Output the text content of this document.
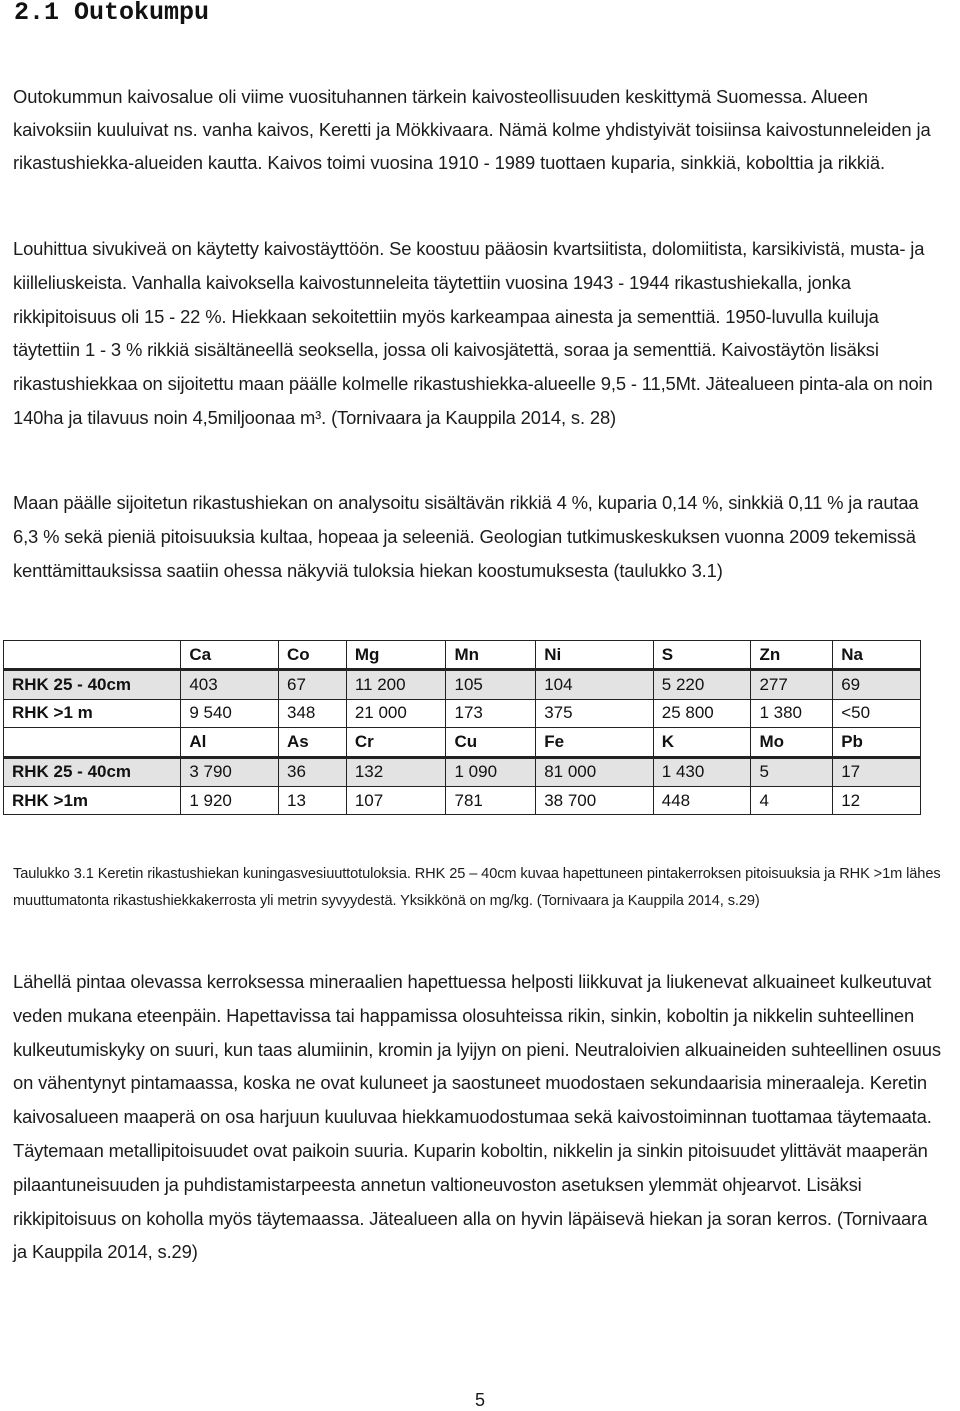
2.1 Outokumpu

Outokummun kaivosalue oli viime vuosituhannen tärkein kaivosteollisuuden keskittymä Suomessa. Alueen kaivoksiin kuuluivat ns. vanha kaivos, Keretti ja Mökkivaara. Nämä kolme yhdistyivät toisiinsa kaivostunneleiden ja rikastushiekka-alueiden kautta. Kaivos toimi vuosina 1910 - 1989 tuottaen kuparia, sinkkiä, kobolttia ja rikkiä.

Louhittua sivukiveä on käytetty kaivostäyttöön. Se koostuu pääosin kvartsiitista, dolomiitista, karsikivistä, musta- ja kiilleliuskeista. Vanhalla kaivoksella kaivostunneleita täytettiin vuosina 1943 - 1944 rikastushiekalla, jonka rikkipitoisuus oli 15 - 22 %. Hiekkaan sekoitettiin myös karkeampaa ainesta ja sementtiä. 1950-luvulla kuiluja täytettiin 1 - 3 % rikkiä sisältäneellä seoksella, jossa oli kaivosjätettä, soraa ja sementtiä. Kaivostäytön lisäksi rikastushiekkaa on sijoitettu maan päälle kolmelle rikastushiekka-alueelle 9,5 - 11,5Mt. Jätealueen pinta-ala on noin 140ha ja tilavuus noin 4,5miljoonaa m³. (Tornivaara ja Kauppila 2014, s. 28)

Maan päälle sijoitetun rikastushiekan on analysoitu sisältävän rikkiä 4 %, kuparia 0,14 %, sinkkiä 0,11 % ja rautaa 6,3 % sekä pieniä pitoisuuksia kultaa, hopeaa ja seleeniä. Geologian tutkimuskeskuksen vuonna 2009 tekemissä kenttämittauksissa saatiin ohessa näkyviä tuloksia hiekan koostumuksesta (taulukko 3.1)

	Ca	Co	Mg	Mn	Ni	S	Zn	Na
RHK 25 - 40cm	403	67	11 200	105	104	5 220	277	69
RHK >1 m	9 540	348	21 000	173	375	25 800	1 380	<50
	Al	As	Cr	Cu	Fe	K	Mo	Pb
RHK 25 - 40cm	3 790	36	132	1 090	81 000	1 430	5	17
RHK >1m	1 920	13	107	781	38 700	448	4	12

Taulukko 3.1 Keretin rikastushiekan kuningasvesiuuttotuloksia. RHK 25 – 40cm kuvaa hapettuneen pintakerroksen pitoisuuksia ja RHK >1m lähes muuttumatonta rikastushiekkakerrosta yli metrin syvyydestä. Yksikkönä on mg/kg. (Tornivaara ja Kauppila 2014, s.29)

Lähellä pintaa olevassa kerroksessa mineraalien hapettuessa helposti liikkuvat ja liukenevat alkuaineet kulkeutuvat veden mukana eteenpäin. Hapettavissa tai happamissa olosuhteissa rikin, sinkin, koboltin ja nikkelin suhteellinen kulkeutumiskyky on suuri, kun taas alumiinin, kromin ja lyijyn on pieni. Neutraloivien alkuaineiden suhteellinen osuus on vähentynyt pintamaassa, koska ne ovat kuluneet ja saostuneet muodostaen sekundaarisia mineraaleja. Keretin kaivosalueen maaperä on osa harjuun kuuluvaa hiekkamuodostumaa sekä kaivostoiminnan tuottamaa täytemaata. Täytemaan metallipitoisuudet ovat paikoin suuria. Kuparin koboltin, nikkelin ja sinkin pitoisuudet ylittävät maaperän pilaantuneisuuden ja puhdistamistarpeesta annetun valtioneuvoston asetuksen ylemmät ohjearvot. Lisäksi rikkipitoisuus on koholla myös täytemaassa. Jätealueen alla on hyvin läpäisevä hiekan ja soran kerros. (Tornivaara ja Kauppila 2014, s.29)

5
